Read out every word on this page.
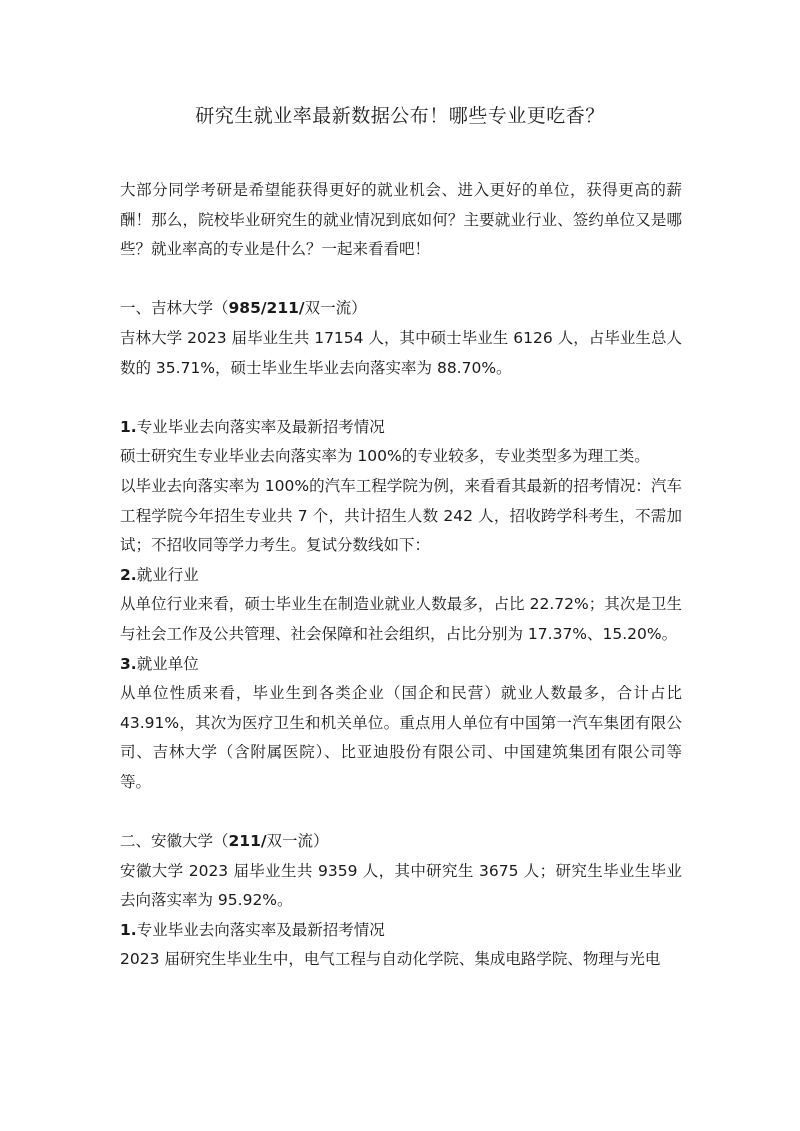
研究生就业率最新数据公布！哪些专业更吃香？

大部分同学考研是希望能获得更好的就业机会、进入更好的单位，获得更高的薪酬！那么，院校毕业研究生的就业情况到底如何？主要就业行业、签约单位又是哪些？就业率高的专业是什么？一起来看看吧！

一、吉林大学（985/211/双一流）

吉林大学 2023 届毕业生共 17154 人，其中硕士毕业生 6126 人，占毕业生总人数的 35.71%，硕士毕业生毕业去向落实率为 88.70%。

1.专业毕业去向落实率及最新招考情况

硕士研究生专业毕业去向落实率为 100%的专业较多，专业类型多为理工类。

以毕业去向落实率为 100%的汽车工程学院为例，来看看其最新的招考情况：汽车工程学院今年招生专业共 7 个，共计招生人数 242 人，招收跨学科考生，不需加试；不招收同等学力考生。复试分数线如下：

2.就业行业

从单位行业来看，硕士毕业生在制造业就业人数最多，占比 22.72%；其次是卫生与社会工作及公共管理、社会保障和社会组织，占比分别为 17.37%、15.20%。

3.就业单位

从单位性质来看，毕业生到各类企业（国企和民营）就业人数最多，合计占比 43.91%，其次为医疗卫生和机关单位。重点用人单位有中国第一汽车集团有限公司、吉林大学（含附属医院）、比亚迪股份有限公司、中国建筑集团有限公司等等。

二、安徽大学（211/双一流）

安徽大学 2023 届毕业生共 9359 人，其中研究生 3675 人；研究生毕业生毕业去向落实率为 95.92%。

1.专业毕业去向落实率及最新招考情况

2023 届研究生毕业生中，电气工程与自动化学院、集成电路学院、物理与光电
